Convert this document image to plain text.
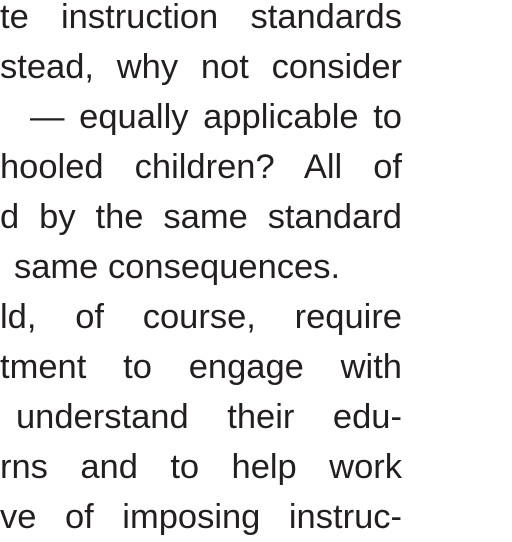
te instruction standards
stead, why not consider
— equally applicable to
hooled children? All of
d by the same standard
same consequences.
ld, of course, require
tment to engage with
understand their edu-
rns and to help work
ve of imposing instruc-
